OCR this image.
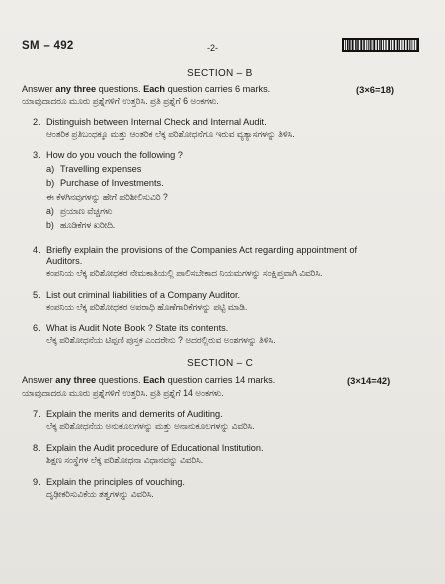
SM – 492	-2-
SECTION – B
Answer any three questions. Each question carries 6 marks.	(3×6=18)
ಯಾವುದಾದರೂ ಮೂರು ಪ್ರಶ್ನೆಗಳಿಗೆ ಉತ್ತರಿಸಿ. ಪ್ರತಿ ಪ್ರಶ್ನೆಗೆ 6 ಅಂಕಗಳು.
2. Distinguish between Internal Check and Internal Audit.
ಆಂತರಿಕ ಪ್ರತಿಬಂಧಕ್ಕೂ ಮತ್ತು ಆಂತರಿಕ ಲೆಕ್ಕ ಪರಿಶೋಧನೆಗೂ ಇರುವ ವ್ಯತ್ಯಾಸಗಳನ್ನು ತಿಳಿಸಿ.
3. How do you vouch the following ?
a) Travelling expenses
b) Purchase of Investments.
ಈ ಕೆಳಗಿನವುಗಳನ್ನು ಹೇಗೆ ಪರಿಶೀಲಿಸುವಿರಿ ?
a) ಪ್ರಯಾಣ ವೆಚ್ಚಗಳು
b) ಹೂಡಿಕೆಗಳ ಖರೀದಿ.
4. Briefly explain the provisions of the Companies Act regarding appointment of
Auditors.
ಕಂಪನಿಯ ಲೆಕ್ಕ ಪರಿಶೋಧಕರ ನೇಮಕಾತಿಯಲ್ಲಿ ಪಾಲಿಸಬೇಕಾದ ನಿಯಮಗಳನ್ನು ಸಂಕ್ಷಿಪ್ತವಾಗಿ ವಿವರಿಸಿ.
5. List out criminal liabilities of a Company Auditor.
ಕಂಪನಿಯ ಲೆಕ್ಕ ಪರಿಶೋಧಕರ ಅಪರಾಧಿ ಹೊಣೆಗಾರಿಕೆಗಳನ್ನು ಪಟ್ಟಿ ಮಾಡಿ.
6. What is Audit Note Book ? State its contents.
ಲೆಕ್ಕ ಪರಿಶೋಧನೆಯ ಟಿಪ್ಪಣಿ ಪುಸ್ತಕ ಎಂದರೇನು ? ಅದರಲ್ಲಿರುವ ಅಂಶಗಳನ್ನು ತಿಳಿಸಿ.
SECTION – C
Answer any three questions. Each question carries 14 marks.	(3×14=42)
ಯಾವುದಾದರೂ ಮೂರು ಪ್ರಶ್ನೆಗಳಿಗೆ ಉತ್ತರಿಸಿ. ಪ್ರತಿ ಪ್ರಶ್ನೆಗೆ 14 ಅಂಕಗಳು.
7. Explain the merits and demerits of Auditing.
ಲೆಕ್ಕ ಪರಿಶೋಧನೆಯ ಅನುಕೂಲಗಳನ್ನು ಮತ್ತು ಅನಾನುಕೂಲಗಳನ್ನು ವಿವರಿಸಿ.
8. Explain the Audit procedure of Educational Institution.
ಶಿಕ್ಷಣ ಸಂಸ್ಥೆಗಳ ಲೆಕ್ಕ ಪರಿಶೋಧನಾ ವಿಧಾನವನ್ನು ವಿವರಿಸಿ.
9. Explain the principles of vouching.
ದೃಢೀಕರಿಸುವಿಕೆಯ ತತ್ವಗಳನ್ನು ವಿವರಿಸಿ.
